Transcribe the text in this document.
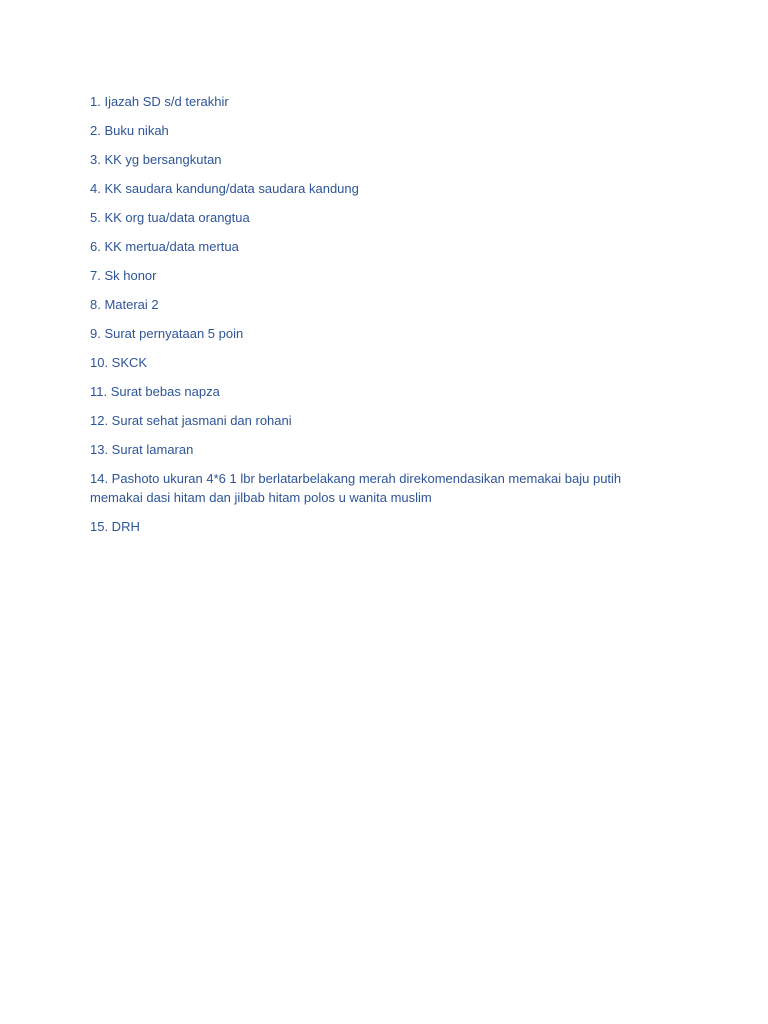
1. Ijazah SD s/d terakhir
2. Buku nikah
3. KK yg bersangkutan
4. KK saudara kandung/data saudara kandung
5. KK org tua/data orangtua
6. KK mertua/data mertua
7. Sk honor
8. Materai 2
9. Surat pernyataan 5 poin
10. SKCK
11. Surat bebas napza
12. Surat sehat jasmani dan rohani
13. Surat lamaran
14. Pashoto ukuran 4*6 1 lbr berlatarbelakang merah direkomendasikan memakai baju putih memakai dasi hitam dan jilbab hitam polos u wanita muslim
15. DRH
